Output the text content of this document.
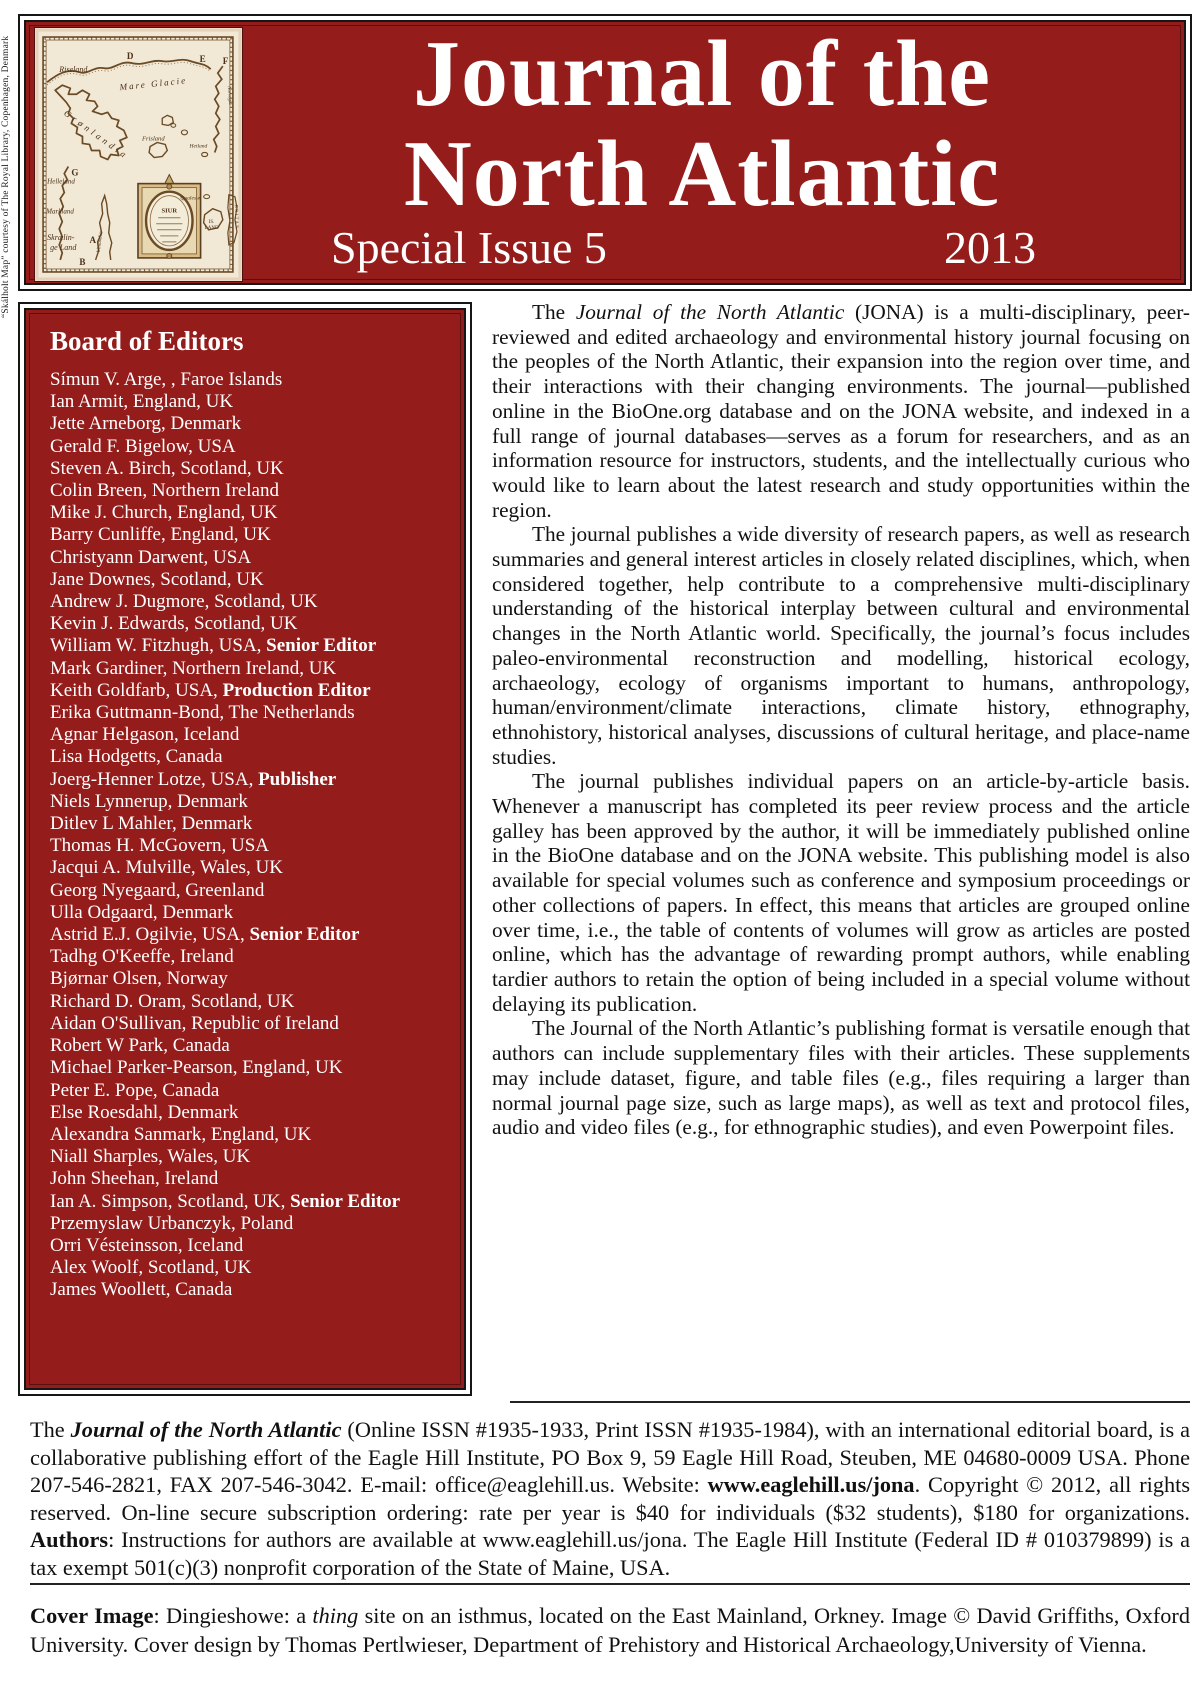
“Skálholt Map” courtesy of The Royal Library, Copenhagen, Denmark	D	E F
G
A
B
Riseland
Mare Glacie
Grønlandia
Helleland
Markland
Skrælin-
ge Land	Winlandiæ
Frisland
Hetland
Quales ø
IS.
LAND	BRITAN
Norvegia
SIUR
Journal of the
North Atlantic
Special Issue 5	2013
Board of Editors
Símun V. Arge, , Faroe Islands
Ian Armit, England, UK
Jette Arneborg, Denmark
Gerald F. Bigelow, USA
Steven A. Birch, Scotland, UK
Colin Breen, Northern Ireland
Mike J. Church, England, UK
Barry Cunliffe, England, UK
Christyann Darwent, USA
Jane Downes, Scotland, UK
Andrew J. Dugmore, Scotland, UK
Kevin J. Edwards, Scotland, UK
William W. Fitzhugh, USA, Senior Editor
Mark Gardiner, Northern Ireland, UK
Keith Goldfarb, USA, Production Editor
Erika Guttmann-Bond, The Netherlands
Agnar Helgason, Iceland
Lisa Hodgetts, Canada
Joerg-Henner Lotze, USA, Publisher
Niels Lynnerup, Denmark
Ditlev L Mahler, Denmark
Thomas H. McGovern, USA
Jacqui A. Mulville, Wales, UK
Georg Nyegaard, Greenland
Ulla Odgaard, Denmark
Astrid E.J. Ogilvie, USA, Senior Editor
Tadhg O'Keeffe, Ireland
Bjørnar Olsen, Norway
Richard D. Oram, Scotland, UK
Aidan O'Sullivan, Republic of Ireland
Robert W Park, Canada
Michael Parker-Pearson, England, UK
Peter E. Pope, Canada
Else Roesdahl, Denmark
Alexandra Sanmark, England, UK
Niall Sharples, Wales, UK
John Sheehan, Ireland
Ian A. Simpson, Scotland, UK, Senior Editor
Przemyslaw Urbanczyk, Poland
Orri Vésteinsson, Iceland
Alex Woolf, Scotland, UK
James Woollett, Canada

The Journal of the North Atlantic (JONA) is a multi-disciplinary, peer-reviewed and edited archaeology and environmental history journal focusing on the peoples of the North Atlantic, their expansion into the region over time, and their interactions with their changing environments. The journal—published online in the BioOne.org database and on the JONA website, and indexed in a full range of journal databases—serves as a forum for researchers, and as an information resource for instructors, students, and the intellectually curious who would like to learn about the latest research and study opportunities within the region.

The journal publishes a wide diversity of research papers, as well as research summaries and general interest articles in closely related disciplines, which, when considered together, help contribute to a comprehensive multi-disciplinary understanding of the historical interplay between cultural and environmental changes in the North Atlantic world. Specifically, the journal’s focus includes paleo-environmental reconstruction and modelling, historical ecology, archaeology, ecology of organisms important to humans, anthropology, human/environment/climate interactions, climate history, ethnography, ethnohistory, historical analyses, discussions of cultural heritage, and place-name studies.

The journal publishes individual papers on an article-by-article basis. Whenever a manuscript has completed its peer review process and the article galley has been approved by the author, it will be immediately published online in the BioOne database and on the JONA website. This publishing model is also available for special volumes such as conference and symposium proceedings or other collections of papers. In effect, this means that articles are grouped online over time, i.e., the table of contents of volumes will grow as articles are posted online, which has the advantage of rewarding prompt authors, while enabling tardier authors to retain the option of being included in a special volume without delaying its publication.

The Journal of the North Atlantic’s publishing format is versatile enough that authors can include supplementary files with their articles. These supplements may include dataset, figure, and table files (e.g., files requiring a larger than normal journal page size, such as large maps), as well as text and protocol files, audio and video files (e.g., for ethnographic studies), and even Powerpoint files.

The Journal of the North Atlantic (Online ISSN #1935-1933, Print ISSN #1935-1984), with an international editorial board, is a collaborative publishing effort of the Eagle Hill Institute, PO Box 9, 59 Eagle Hill Road, Steuben, ME 04680-0009 USA. Phone 207-546-2821, FAX 207-546-3042. E-mail: office@eaglehill.us. Website: www.eaglehill.us/jona. Copyright © 2012, all rights reserved. On-line secure subscription ordering: rate per year is $40 for individuals ($32 students), $180 for organizations. Authors: Instructions for authors are available at www.eaglehill.us/jona. The Eagle Hill Institute (Federal ID # 010379899) is a tax exempt 501(c)(3) nonprofit corporation of the State of Maine, USA.
Cover Image: Dingieshowe: a thing site on an isthmus, located on the East Mainland, Orkney. Image © David Griffiths, Oxford University. Cover design by Thomas Pertlwieser, Department of Prehistory and Historical Archaeology,University of Vienna.
